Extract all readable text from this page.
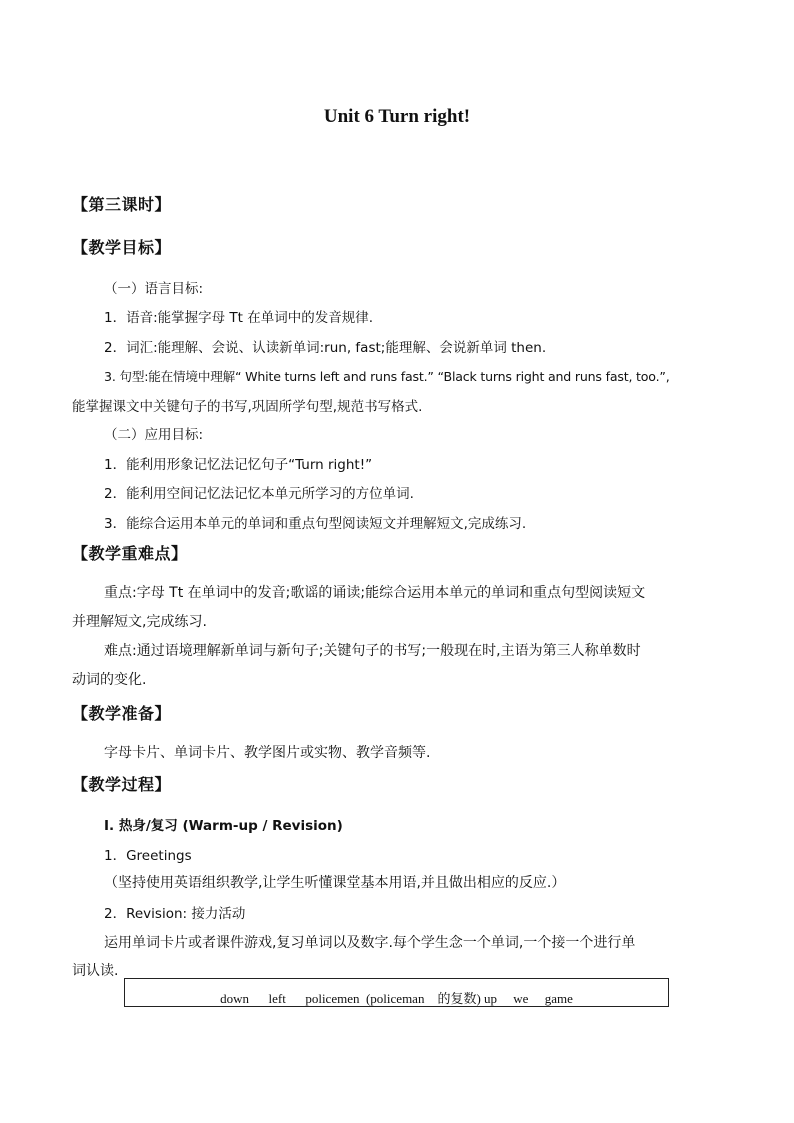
Unit 6 Turn right!
【第三课时】
【教学目标】
（一）语言目标:
1．语音:能掌握字母 Tt 在单词中的发音规律.
2．词汇:能理解、会说、认读新单词:run, fast;能理解、会说新单词 then.
3. 句型:能在情境中理解“ White turns left and runs fast.” “Black turns right and runs fast, too.”,
能掌握课文中关键句子的书写,巩固所学句型,规范书写格式.
（二）应用目标:
1．能利用形象记忆法记忆句子“Turn right!”
2．能利用空间记忆法记忆本单元所学习的方位单词.
3．能综合运用本单元的单词和重点句型阅读短文并理解短文,完成练习.
【教学重难点】
重点:字母 Tt 在单词中的发音;歌谣的诵读;能综合运用本单元的单词和重点句型阅读短文
并理解短文,完成练习.
难点:通过语境理解新单词与新句子;关键句子的书写;一般现在时,主语为第三人称单数时
动词的变化.
【教学准备】
字母卡片、单词卡片、教学图片或实物、教学音频等.
【教学过程】
I. 热身/复习 (Warm-up / Revision)
1．Greetings
（坚持使用英语组织教学,让学生听懂课堂基本用语,并且做出相应的反应.）
2．Revision: 接力活动
运用单词卡片或者课件游戏,复习单词以及数字.每个学生念一个单词,一个接一个进行单
词认读.
down      left      policemen  (policeman    的复数) up     we     game
